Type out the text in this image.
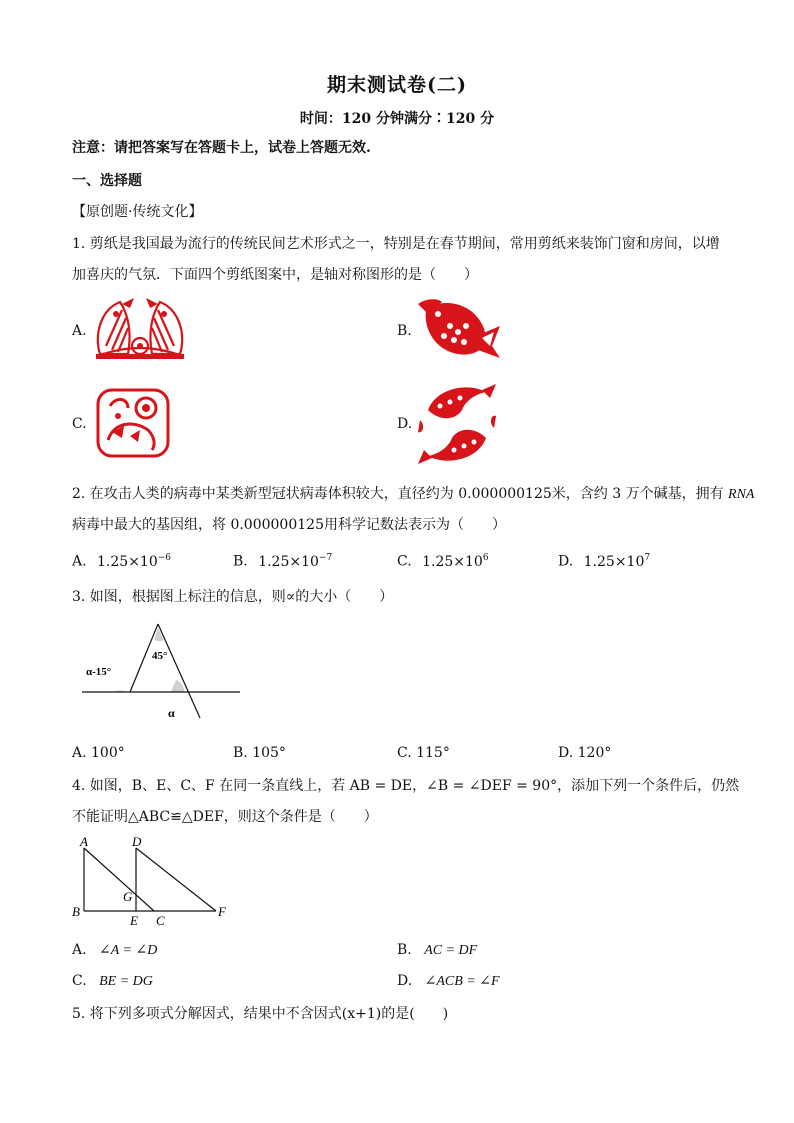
期末测试卷(二)
时间：120 分钟满分∶120 分
注意：请把答案写在答题卡上，试卷上答题无效.
一、选择题
【原创题·传统文化】
1. 剪纸是我国最为流行的传统民间艺术形式之一，特别是在春节期间，常用剪纸来装饰门窗和房间，以增
加喜庆的气氛．下面四个剪纸图案中，是轴对称图形的是（　　）
A.	B.
C.	D.
2. 在攻击人类的病毒中某类新型冠状病毒体积较大，直径约为 0.000000125米，含约 3 万个碱基，拥有 RNA
病毒中最大的基因组，将 0.000000125用科学记数法表示为（　　）
A. $1.25\times 10^{-6}$	B. $1.25\times 10^{-7}$	C. $1.25\times 10^6$	D. $1.25\times 10^7$
3. 如图，根据图上标注的信息，则∝的大小（　　）
α-15°
45°
α
A. 100°	B. 105°	C. 115°	D. 120°
4. 如图，B、E、C、F 在同一条直线上，若 AB = DE，∠B = ∠DEF = 90°，添加下列一个条件后，仍然
不能证明△ABC≌△DEF，则这个条件是（　　）
A	D
G
B
E C
F
A. ∠A = ∠D	B. AC = DF
C. BE = DG	D. ∠ACB = ∠F
5. 将下列多项式分解因式，结果中不含因式(x+1)的是(　　)
